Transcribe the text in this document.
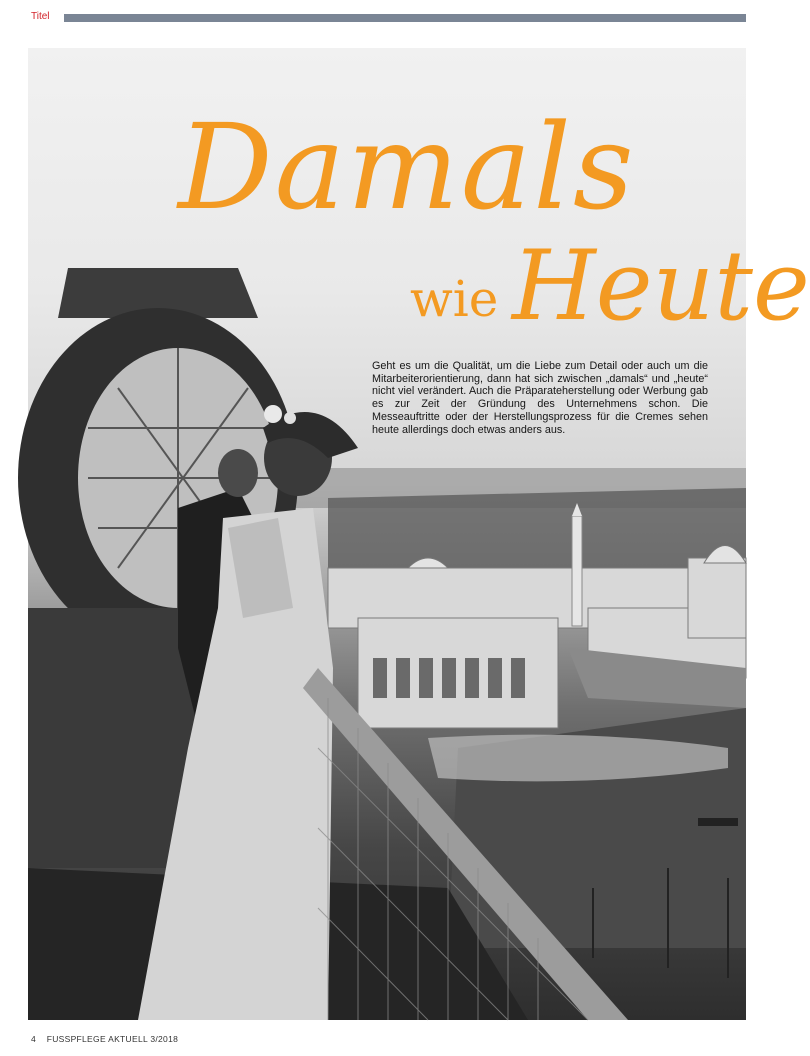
Titel
Damals
wie Heute

Geht es um die Qualität, um die Liebe zum Detail oder auch um die Mitarbeiterorientierung, dann hat sich zwischen „damals“ und „heute“ nicht viel verändert. Auch die Präparateherstellung oder Werbung gab es zur Zeit der Gründung des Unternehmens schon. Die Messeauftritte oder der Herstellungsprozess für die Cremes sehen heute allerdings doch etwas anders aus.

4 FUSSPFLEGE AKTUELL 3/2018
